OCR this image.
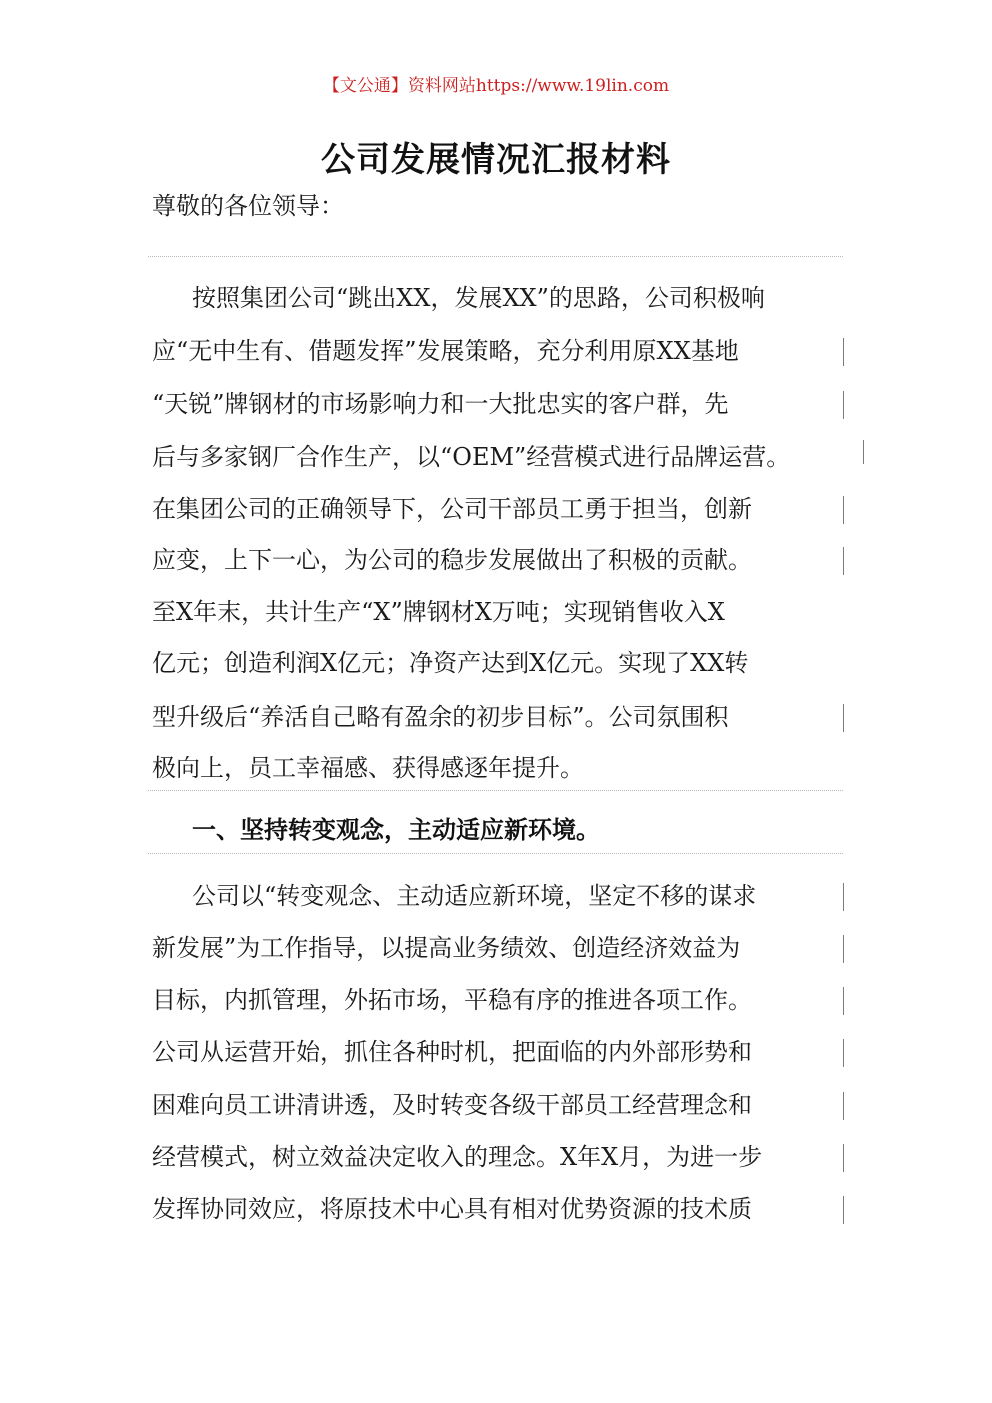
【文公通】资料网站https://www.19lin.com
公司发展情况汇报材料
尊敬的各位领导：
按照集团公司“跳出XX，发展XX”的思路，公司积极响
应“无中生有、借题发挥”发展策略，充分利用原XX基地
“天锐”牌钢材的市场影响力和一大批忠实的客户群，先
后与多家钢厂合作生产，以“OEM”经营模式进行品牌运营。
在集团公司的正确领导下，公司干部员工勇于担当，创新
应变，上下一心，为公司的稳步发展做出了积极的贡献。
至X年末，共计生产“X”牌钢材X万吨；实现销售收入X
亿元；创造利润X亿元；净资产达到X亿元。实现了XX转
型升级后“养活自己略有盈余的初步目标”。公司氛围积
极向上，员工幸福感、获得感逐年提升。
一、坚持转变观念，主动适应新环境。
公司以“转变观念、主动适应新环境，坚定不移的谋求
新发展”为工作指导，以提高业务绩效、创造经济效益为
目标，内抓管理，外拓市场，平稳有序的推进各项工作。
公司从运营开始，抓住各种时机，把面临的内外部形势和
困难向员工讲清讲透，及时转变各级干部员工经营理念和
经营模式，树立效益决定收入的理念。X年X月，为进一步
发挥协同效应，将原技术中心具有相对优势资源的技术质
